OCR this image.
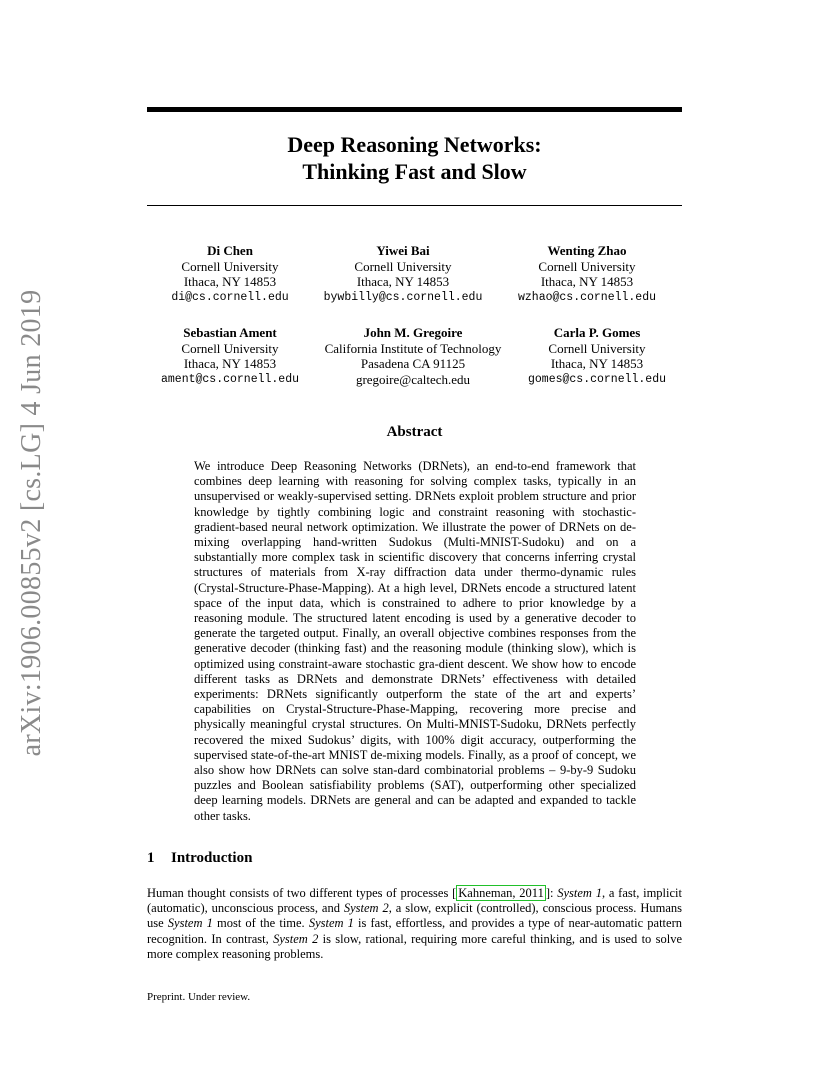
arXiv:1906.00855v2 [cs.LG] 4 Jun 2019
Deep Reasoning Networks:
Thinking Fast and Slow
Di Chen
Cornell University
Ithaca, NY 14853
di@cs.cornell.edu
Yiwei Bai
Cornell University
Ithaca, NY 14853
bywbilly@cs.cornell.edu
Wenting Zhao
Cornell University
Ithaca, NY 14853
wzhao@cs.cornell.edu
Sebastian Ament
Cornell University
Ithaca, NY 14853
ament@cs.cornell.edu
John M. Gregoire
California Institute of Technology
Pasadena CA 91125
gregoire@caltech.edu
Carla P. Gomes
Cornell University
Ithaca, NY 14853
gomes@cs.cornell.edu
Abstract
We introduce Deep Reasoning Networks (DRNets), an end-to-end framework that combines deep learning with reasoning for solving complex tasks, typically in an unsupervised or weakly-supervised setting. DRNets exploit problem structure and prior knowledge by tightly combining logic and constraint reasoning with stochastic-gradient-based neural network optimization. We illustrate the power of DRNets on de-mixing overlapping hand-written Sudokus (Multi-MNIST-Sudoku) and on a substantially more complex task in scientific discovery that concerns inferring crystal structures of materials from X-ray diffraction data under thermo-dynamic rules (Crystal-Structure-Phase-Mapping). At a high level, DRNets encode a structured latent space of the input data, which is constrained to adhere to prior knowledge by a reasoning module. The structured latent encoding is used by a generative decoder to generate the targeted output. Finally, an overall objective combines responses from the generative decoder (thinking fast) and the reasoning module (thinking slow), which is optimized using constraint-aware stochastic gra-dient descent. We show how to encode different tasks as DRNets and demonstrate DRNets’ effectiveness with detailed experiments: DRNets significantly outperform the state of the art and experts’ capabilities on Crystal-Structure-Phase-Mapping, recovering more precise and physically meaningful crystal structures. On Multi-MNIST-Sudoku, DRNets perfectly recovered the mixed Sudokus’ digits, with 100% digit accuracy, outperforming the supervised state-of-the-art MNIST de-mixing models. Finally, as a proof of concept, we also show how DRNets can solve stan-dard combinatorial problems – 9-by-9 Sudoku puzzles and Boolean satisfiability problems (SAT), outperforming other specialized deep learning models. DRNets are general and can be adapted and expanded to tackle other tasks.
1 Introduction
Human thought consists of two different types of processes [ Kahneman, 2011 ]: System 1, a fast, implicit (automatic), unconscious process, and System 2, a slow, explicit (controlled), conscious process. Humans use System 1 most of the time. System 1 is fast, effortless, and provides a type of near-automatic pattern recognition. In contrast, System 2 is slow, rational, requiring more careful thinking, and is used to solve more complex reasoning problems.
Preprint. Under review.
